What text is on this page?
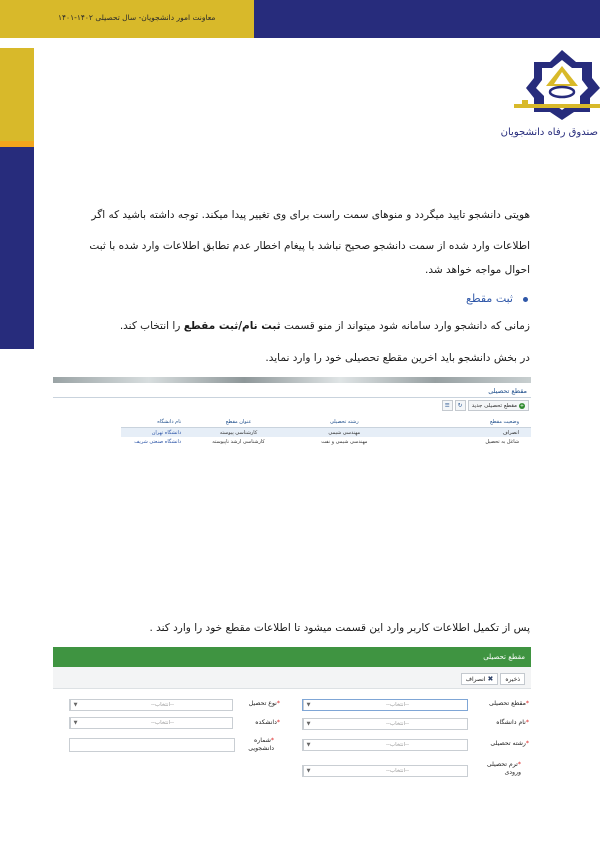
معاونت امور دانشجویان- سال تحصیلی ۱۴۰۲-۱۴۰۱
صندوق رفاه دانشجویان
هویتی دانشجو تایید میگردد و منوهای سمت راست برای وی تغییر پیدا میکند. توجه داشته باشید که اگر
اطلاعات وارد شده از سمت دانشجو صحیح نباشد با پیغام اخطار عدم تطابق اطلاعات وارد شده با ثبت
احوال مواجه خواهد شد.
ثبت مقطع
زمانی که دانشجو وارد سامانه شود میتواند از منو قسمت ثبت نام/ثبت مقطع را انتخاب کند.
در بخش دانشجو باید اخرین مقطع تحصیلی خود را وارد نماید.
مقطع تحصیلی
+
مقطع تحصیلی جدید
↻
☰
نام دانشگاه	عنوان مقطع	رشته تحصیلی	وضعیت مقطع
دانشگاه تهران	کارشناسی پیوسته	مهندسی شیمی	انصراف
دانشگاه صنعتی شریف	کارشناسی ارشد ناپیوسته	مهندسی شیمی و نفت	شاغل به تحصیل
پس از تکمیل اطلاعات کاربر وارد این قسمت میشود تا اطلاعات مقطع خود را وارد کند .
مقطع تحصیلی
ذخیره
✖
انصراف
*مقطع تحصیلی
--انتخاب--
▼
*نام دانشگاه
--انتخاب--
▼
*رشته تحصیلی
--انتخاب--
▼
*ترم تحصیلی ورودی
--انتخاب--
▼
*نوع تحصیل
--انتخاب--
▼
*دانشکده
--انتخاب--
▼
*شماره دانشجویی
